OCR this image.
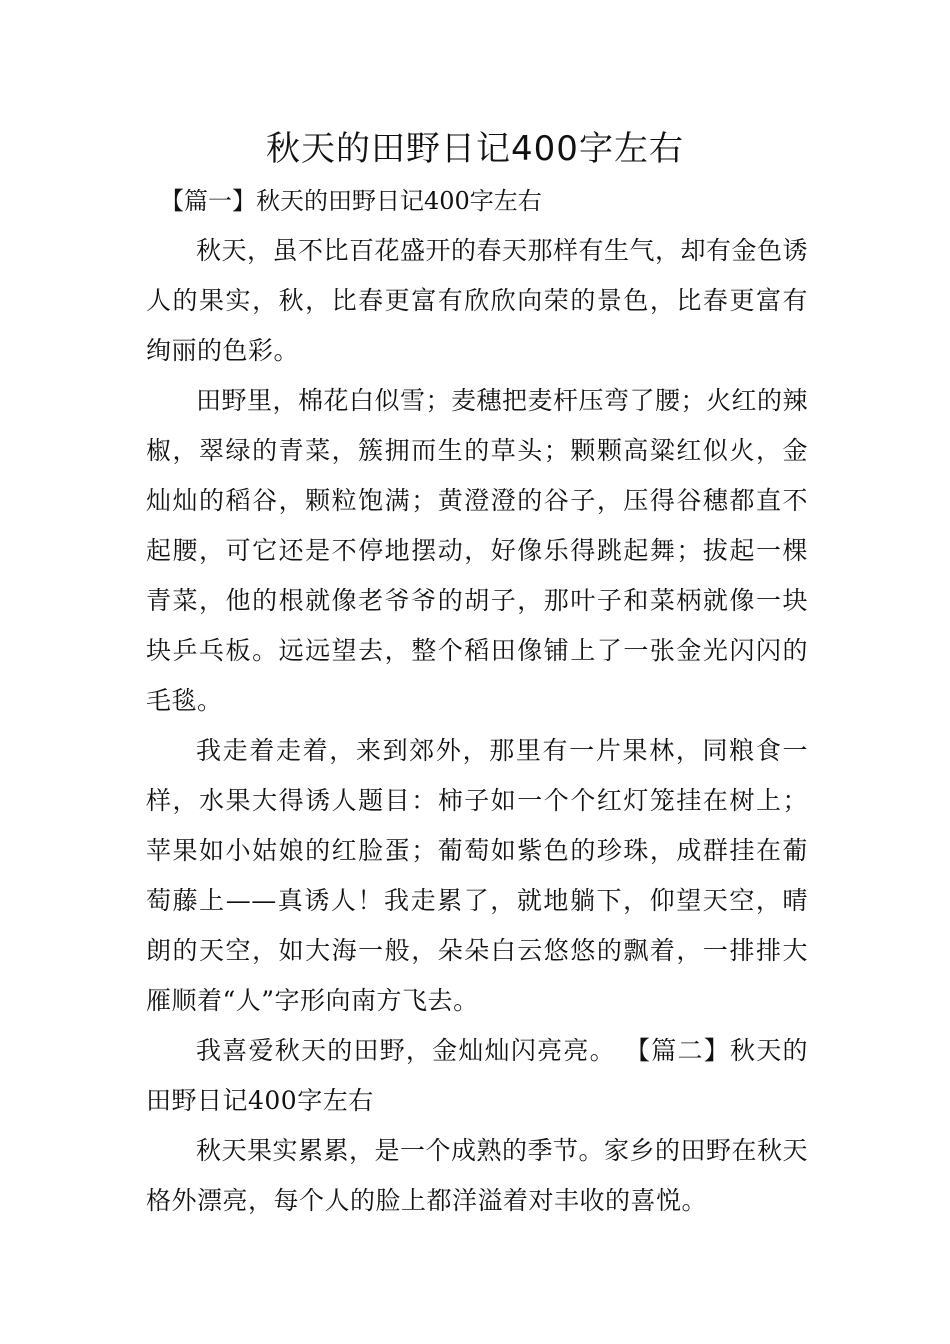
秋天的田野日记400字左右
【篇一】秋天的田野日记400字左右

秋天，虽不比百花盛开的春天那样有生气，却有金色诱人的果实，秋，比春更富有欣欣向荣的景色，比春更富有绚丽的色彩。

田野里，棉花白似雪；麦穗把麦杆压弯了腰；火红的辣椒，翠绿的青菜，簇拥而生的草头；颗颗高粱红似火，金灿灿的稻谷，颗粒饱满；黄澄澄的谷子，压得谷穗都直不起腰，可它还是不停地摆动，好像乐得跳起舞；拔起一棵青菜，他的根就像老爷爷的胡子，那叶子和菜柄就像一块块乒乓板。远远望去，整个稻田像铺上了一张金光闪闪的毛毯。

我走着走着，来到郊外，那里有一片果林，同粮食一样，水果大得诱人题目：柿子如一个个红灯笼挂在树上；苹果如小姑娘的红脸蛋；葡萄如紫色的珍珠，成群挂在葡萄藤上——真诱人！我走累了，就地躺下，仰望天空，晴朗的天空，如大海一般，朵朵白云悠悠的飘着，一排排大雁顺着“人”字形向南方飞去。

我喜爱秋天的田野，金灿灿闪亮亮。 【篇二】秋天的田野日记400字左右

秋天果实累累，是一个成熟的季节。家乡的田野在秋天格外漂亮，每个人的脸上都洋溢着对丰收的喜悦。
